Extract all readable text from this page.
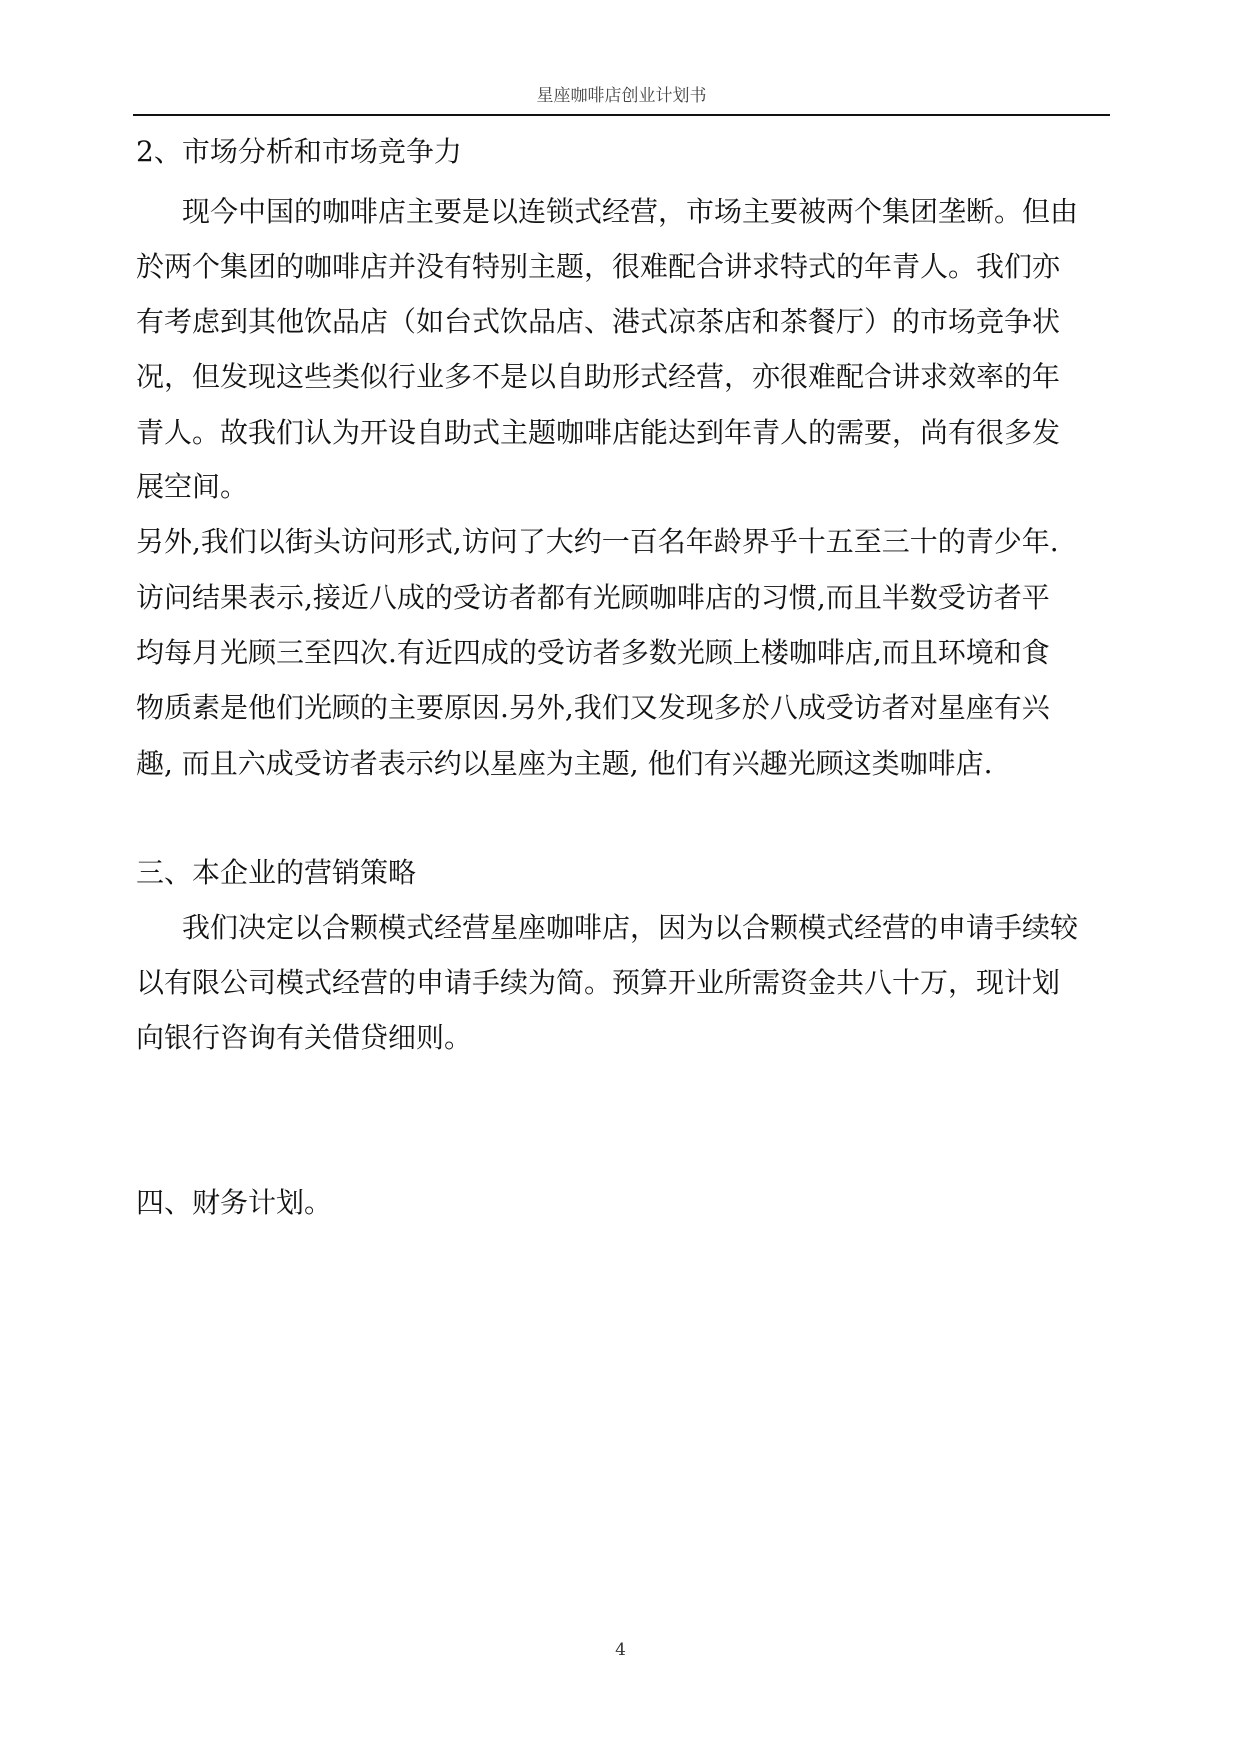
星座咖啡店创业计划书
2、市场分析和市场竞争力
现今中国的咖啡店主要是以连锁式经营，市场主要被两个集团垄断。但由
於两个集团的咖啡店并没有特别主题，很难配合讲求特式的年青人。我们亦
有考虑到其他饮品店（如台式饮品店、港式凉茶店和茶餐厅）的市场竞争状
况，但发现这些类似行业多不是以自助形式经营，亦很难配合讲求效率的年
青人。故我们认为开设自助式主题咖啡店能达到年青人的需要，尚有很多发
展空间。
另外,我们以街头访问形式,访问了大约一百名年龄界乎十五至三十的青少年.
访问结果表示,接近八成的受访者都有光顾咖啡店的习惯,而且半数受访者平
均每月光顾三至四次.有近四成的受访者多数光顾上楼咖啡店,而且环境和食
物质素是他们光顾的主要原因.另外,我们又发现多於八成受访者对星座有兴
趣, 而且六成受访者表示约以星座为主题, 他们有兴趣光顾这类咖啡店.
三、本企业的营销策略
我们决定以合颗模式经营星座咖啡店，因为以合颗模式经营的申请手续较
以有限公司模式经营的申请手续为简。预算开业所需资金共八十万，现计划
向银行咨询有关借贷细则。
四、财务计划。
4
